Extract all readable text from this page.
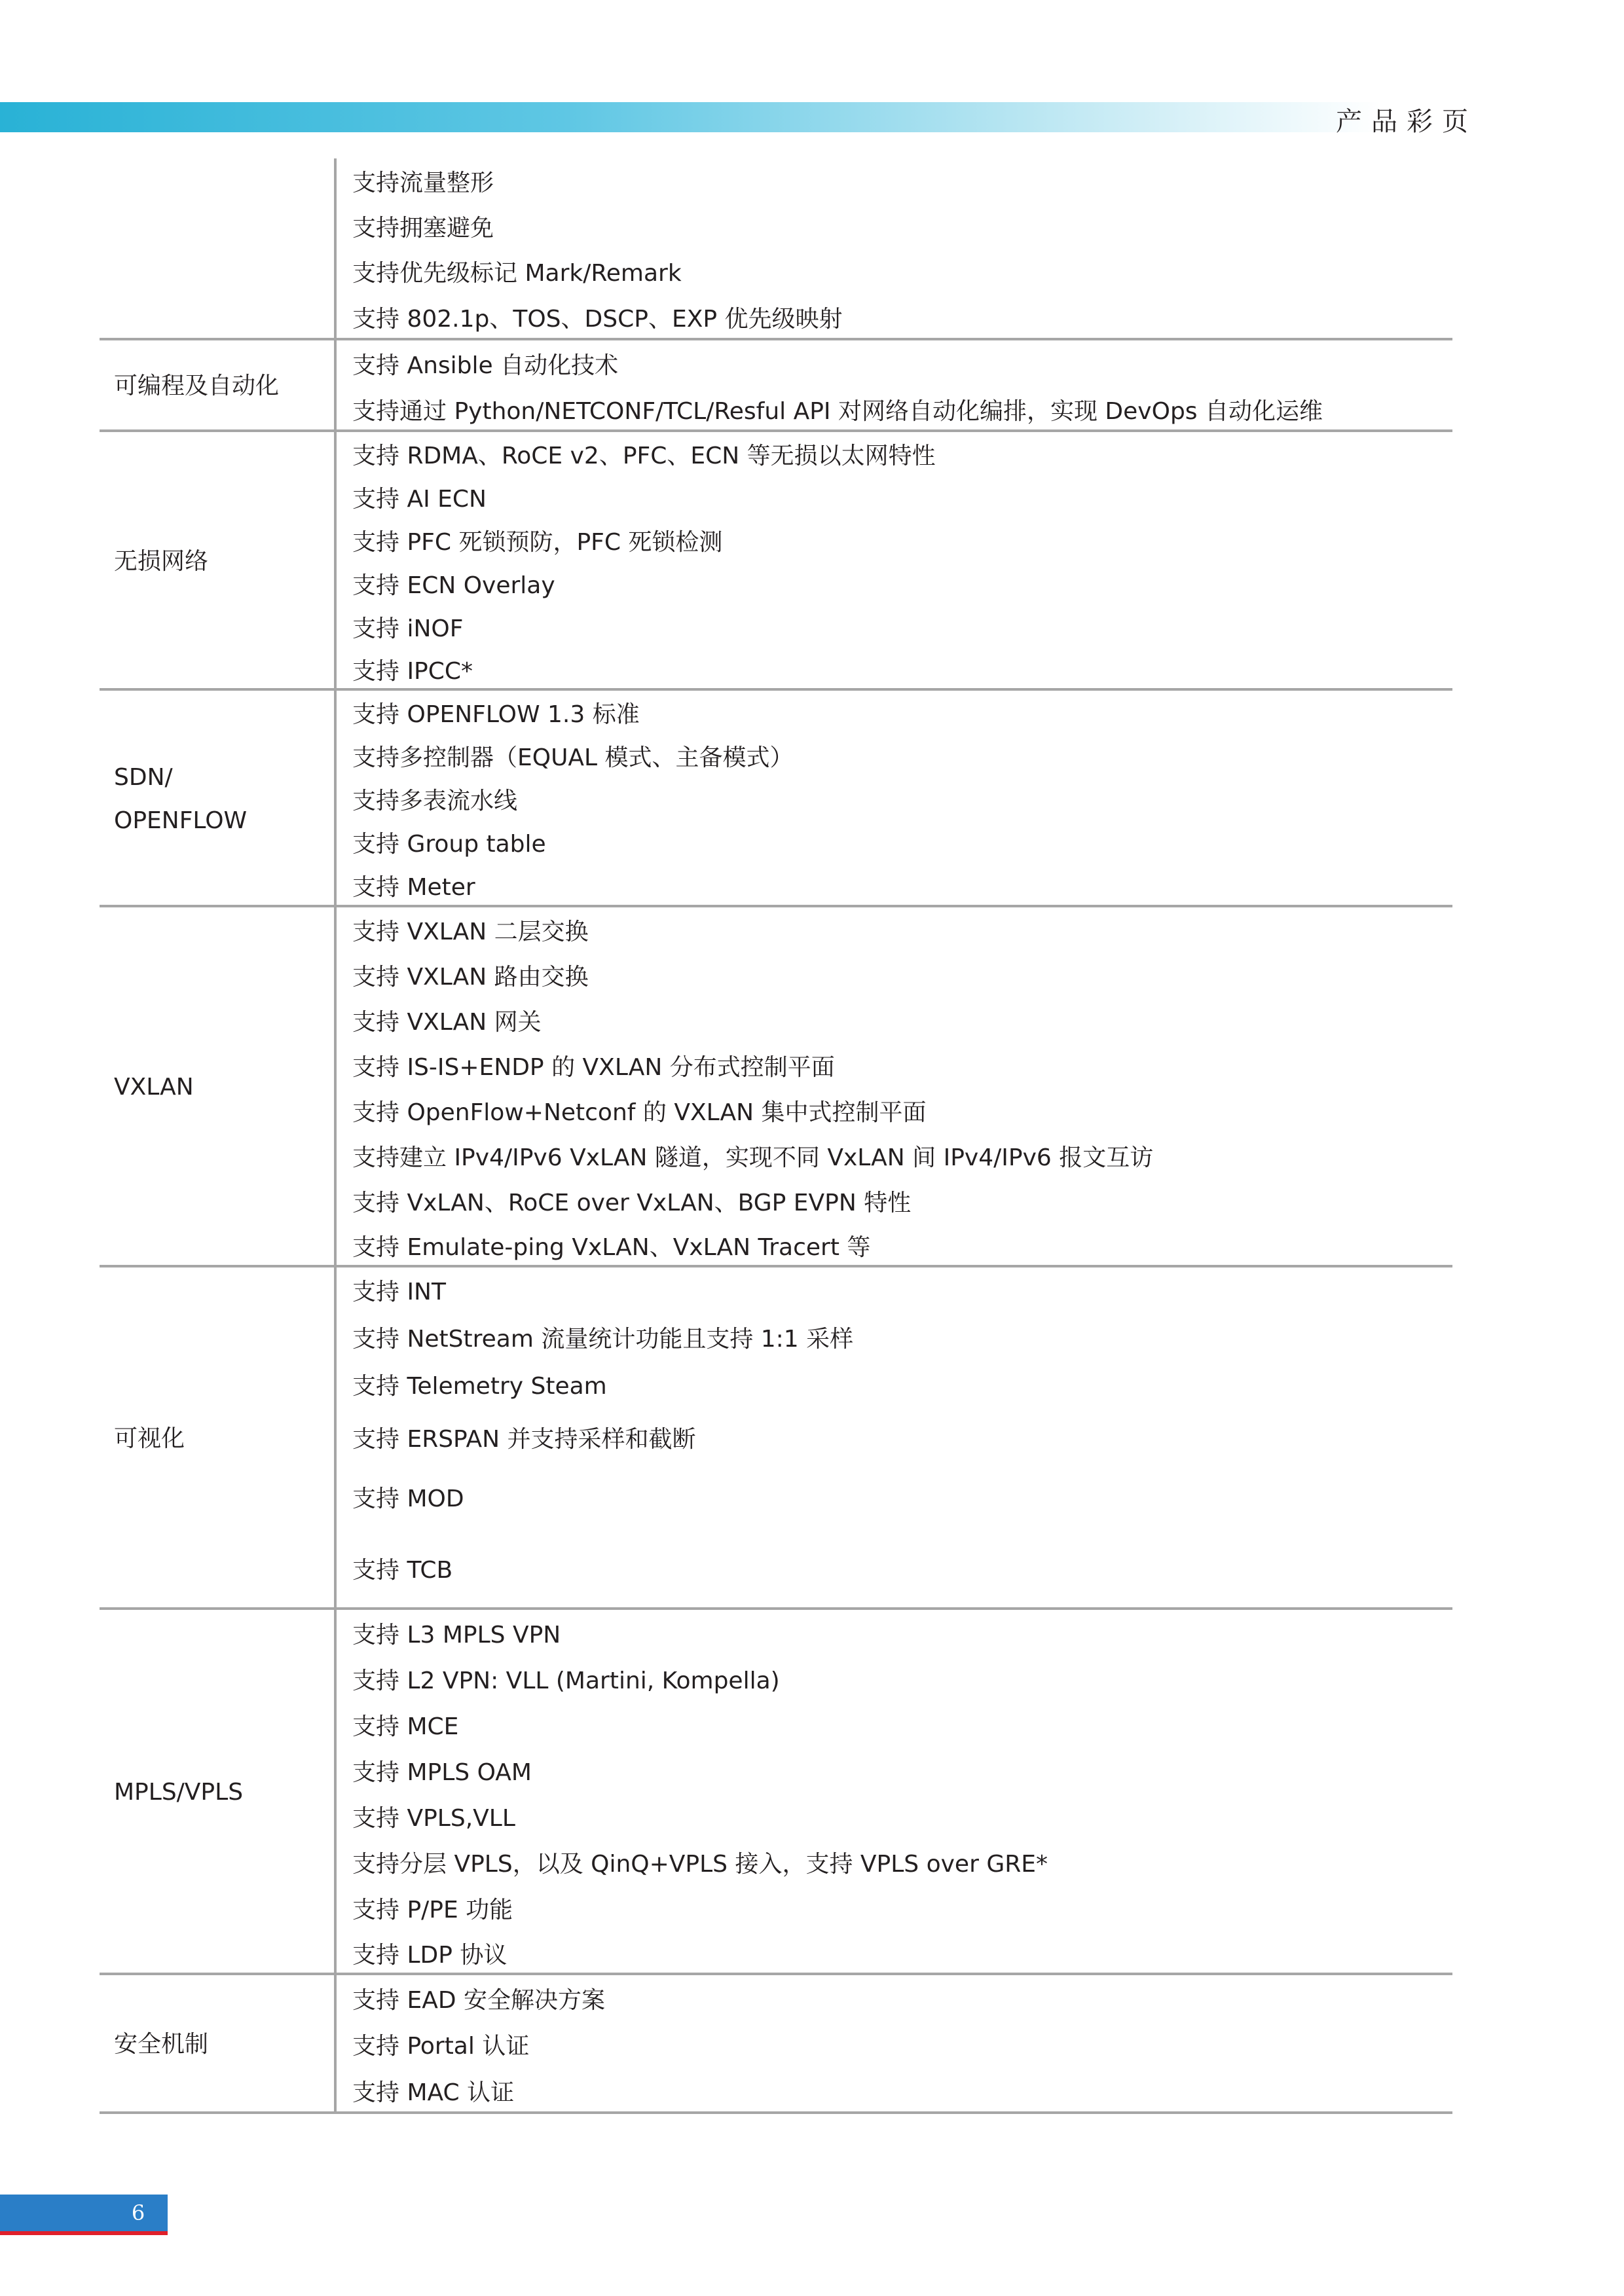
产品彩页
支持流量整形
支持拥塞避免
支持优先级标记 Mark/Remark
支持 802.1p、TOS、DSCP、EXP 优先级映射
可编程及自动化
支持 Ansible 自动化技术
支持通过 Python/NETCONF/TCL/Resful API 对网络自动化编排，实现 DevOps 自动化运维
无损网络
支持 RDMA、RoCE v2、PFC、ECN 等无损以太网特性
支持 AI ECN
支持 PFC 死锁预防，PFC 死锁检测
支持 ECN Overlay
支持 iNOF
支持 IPCC*
SDN/
OPENFLOW
支持 OPENFLOW 1.3 标准
支持多控制器（EQUAL 模式、主备模式）
支持多表流水线
支持 Group table
支持 Meter
VXLAN
支持 VXLAN 二层交换
支持 VXLAN 路由交换
支持 VXLAN 网关
支持 IS-IS+ENDP 的 VXLAN 分布式控制平面
支持 OpenFlow+Netconf 的 VXLAN 集中式控制平面
支持建立 IPv4/IPv6 VxLAN 隧道，实现不同 VxLAN 间 IPv4/IPv6 报文互访
支持 VxLAN、RoCE over VxLAN、BGP EVPN 特性
支持 Emulate-ping VxLAN、VxLAN Tracert 等
可视化
支持 INT
支持 NetStream 流量统计功能且支持 1:1 采样
支持 Telemetry Steam
支持 ERSPAN 并支持采样和截断
支持 MOD
支持 TCB
MPLS/VPLS
支持 L3 MPLS VPN
支持 L2 VPN: VLL (Martini, Kompella)
支持 MCE
支持 MPLS OAM
支持 VPLS,VLL
支持分层 VPLS，以及 QinQ+VPLS 接入，支持 VPLS over GRE*
支持 P/PE 功能
支持 LDP 协议
安全机制
支持 EAD 安全解决方案
支持 Portal 认证
支持 MAC 认证
6
